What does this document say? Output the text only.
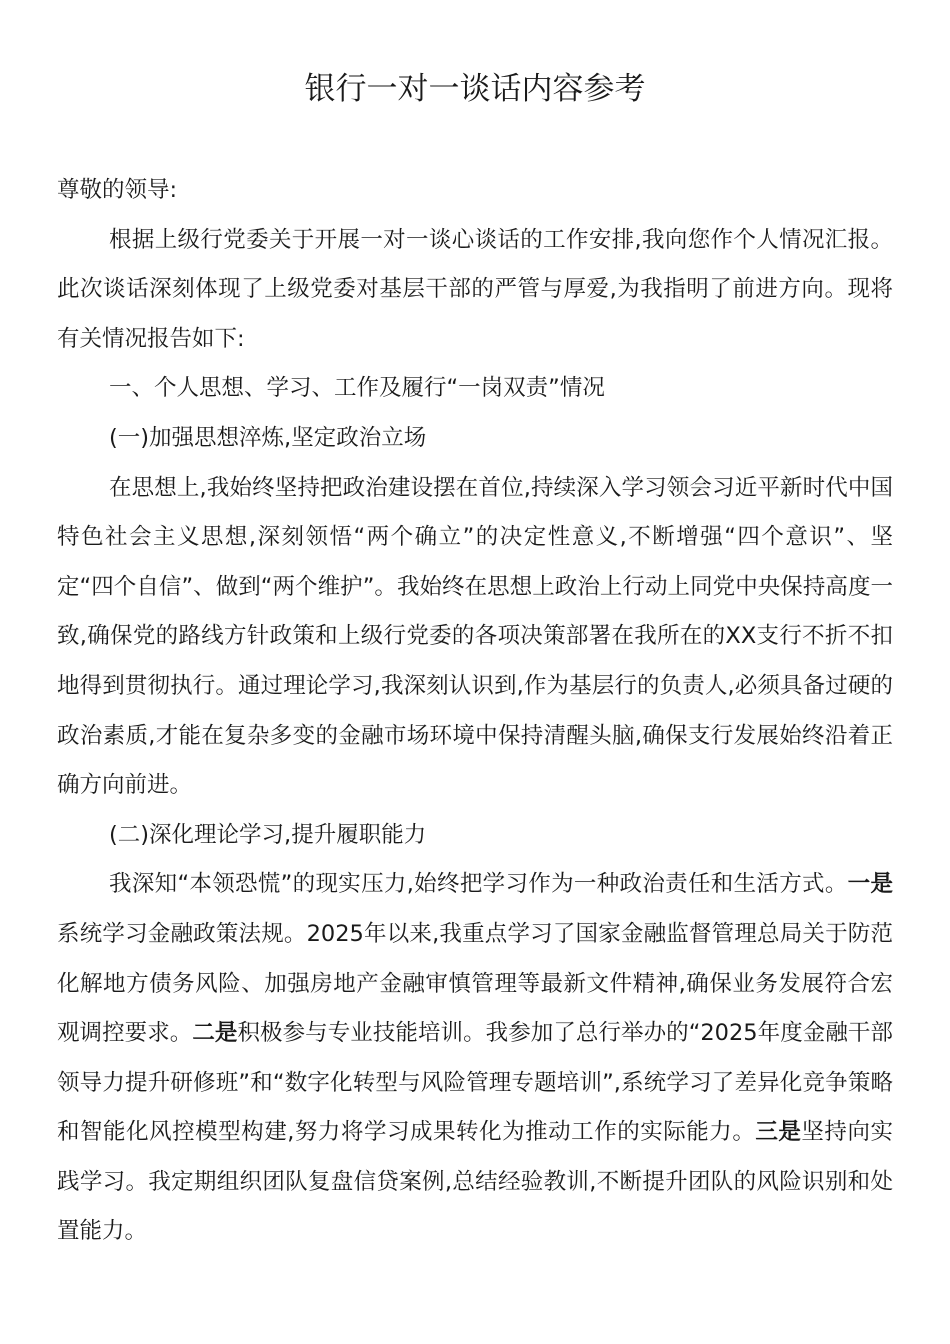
银行一对一谈话内容参考

尊敬的领导:

根据上级行党委关于开展一对一谈心谈话的工作安排,我向您作个人情况汇报。此次谈话深刻体现了上级党委对基层干部的严管与厚爱,为我指明了前进方向。现将有关情况报告如下:

一、个人思想、学习、工作及履行“一岗双责”情况

(一)加强思想淬炼,坚定政治立场

在思想上,我始终坚持把政治建设摆在首位,持续深入学习领会习近平新时代中国特色社会主义思想,深刻领悟“两个确立”的决定性意义,不断增强“四个意识”、坚定“四个自信”、做到“两个维护”。我始终在思想上政治上行动上同党中央保持高度一致,确保党的路线方针政策和上级行党委的各项决策部署在我所在的XX支行不折不扣地得到贯彻执行。通过理论学习,我深刻认识到,作为基层行的负责人,必须具备过硬的政治素质,才能在复杂多变的金融市场环境中保持清醒头脑,确保支行发展始终沿着正确方向前进。

(二)深化理论学习,提升履职能力

我深知“本领恐慌”的现实压力,始终把学习作为一种政治责任和生活方式。一是系统学习金融政策法规。2025年以来,我重点学习了国家金融监督管理总局关于防范化解地方债务风险、加强房地产金融审慎管理等最新文件精神,确保业务发展符合宏观调控要求。二是积极参与专业技能培训。我参加了总行举办的“2025年度金融干部领导力提升研修班”和“数字化转型与风险管理专题培训”,系统学习了差异化竞争策略和智能化风控模型构建,努力将学习成果转化为推动工作的实际能力。三是坚持向实践学习。我定期组织团队复盘信贷案例,总结经验教训,不断提升团队的风险识别和处置能力。
